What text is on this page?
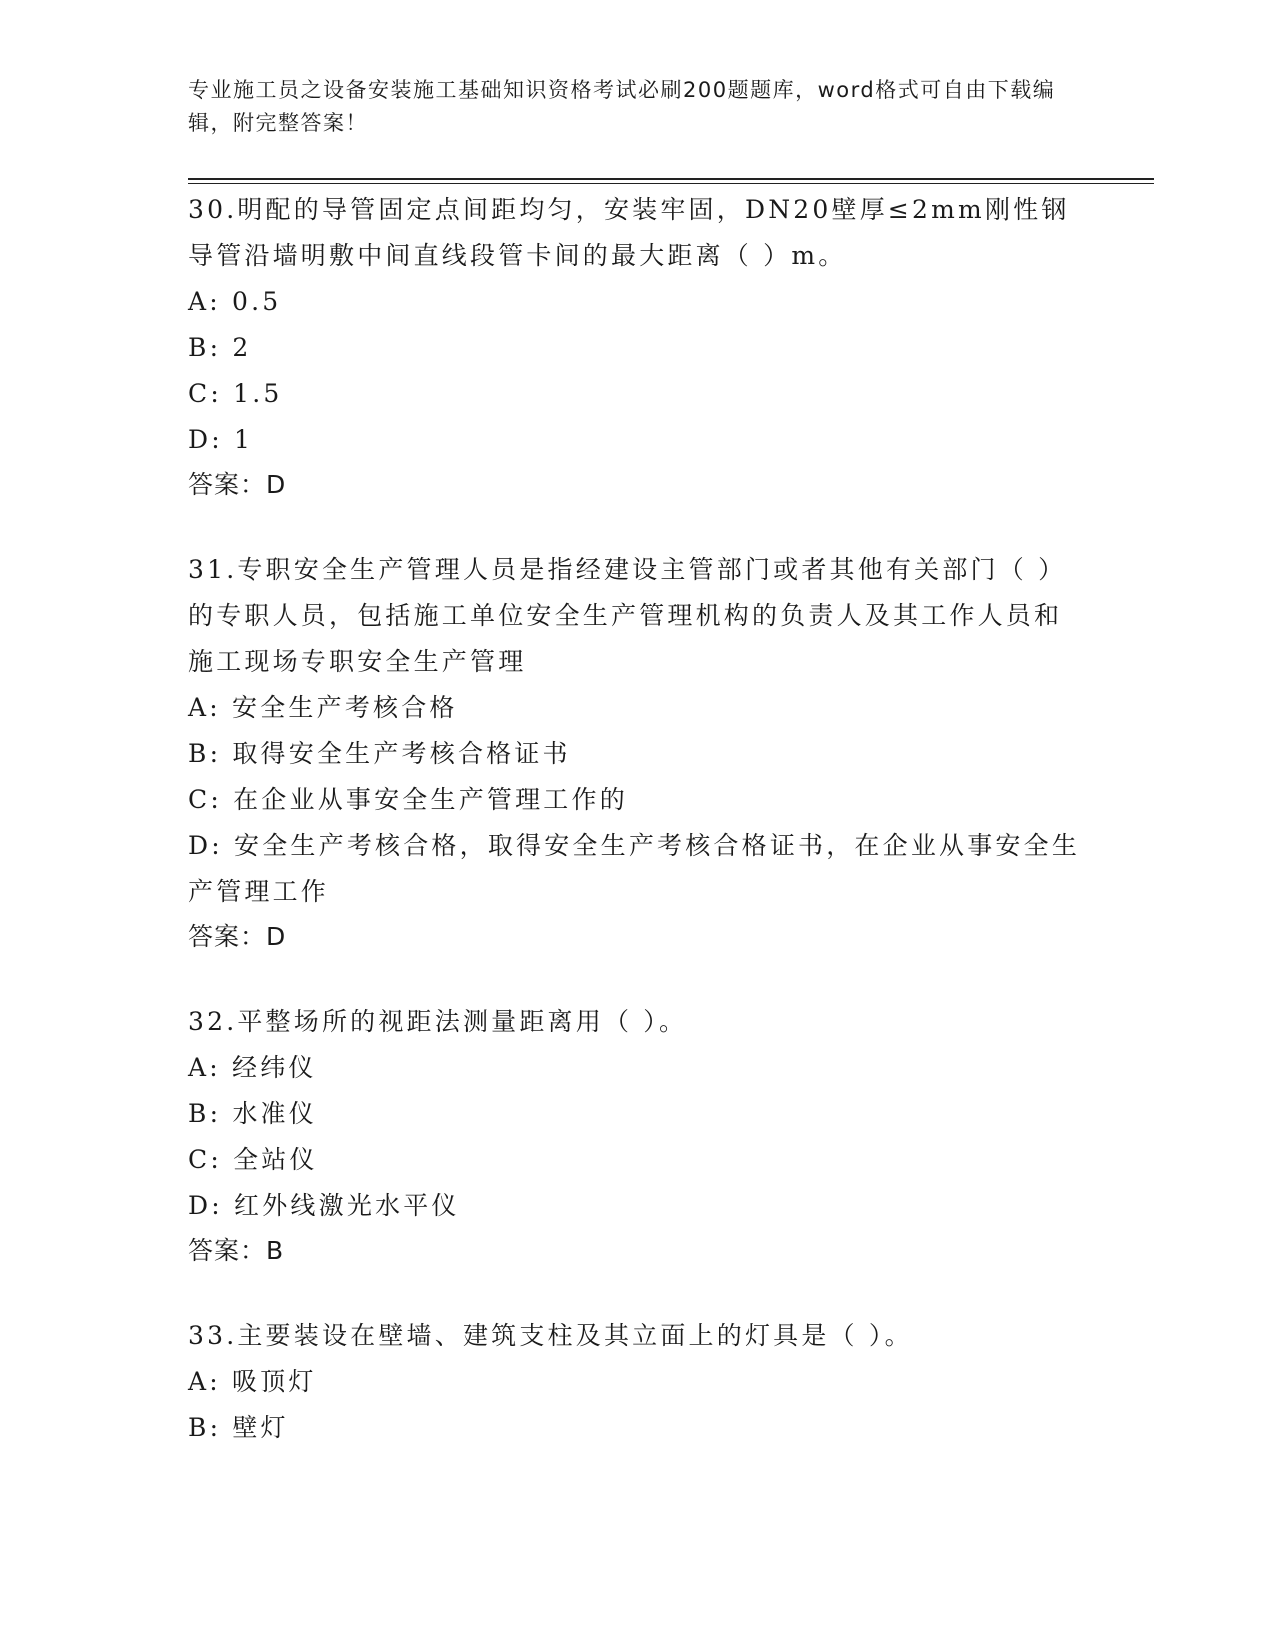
专业施工员之设备安装施工基础知识资格考试必刷200题题库，word格式可自由下载编辑，附完整答案！

30.明配的导管固定点间距均匀，安装牢固，DN20壁厚≤2mm刚性钢导管沿墙明敷中间直线段管卡间的最大距离（ ）m。

A: 0.5

B: 2

C: 1.5

D: 1

答案：D

31.专职安全生产管理人员是指经建设主管部门或者其他有关部门（ ）的专职人员，包括施工单位安全生产管理机构的负责人及其工作人员和施工现场专职安全生产管理

A: 安全生产考核合格

B: 取得安全生产考核合格证书

C: 在企业从事安全生产管理工作的

D: 安全生产考核合格，取得安全生产考核合格证书，在企业从事安全生产管理工作

答案：D

32.平整场所的视距法测量距离用（ ）。

A: 经纬仪

B: 水准仪

C: 全站仪

D: 红外线激光水平仪

答案：B

33.主要装设在壁墙、建筑支柱及其立面上的灯具是（ ）。

A: 吸顶灯

B: 壁灯
